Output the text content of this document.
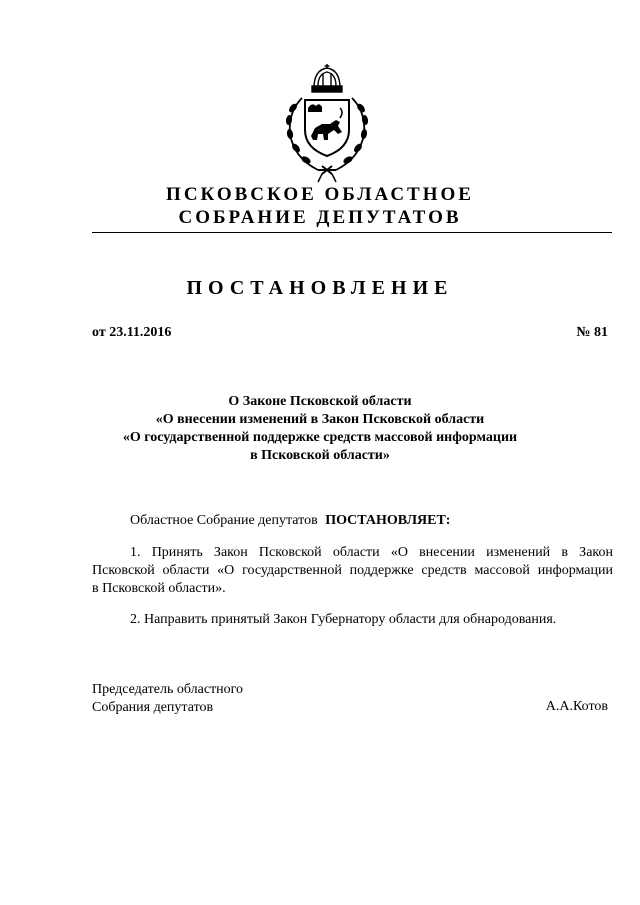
ПСКОВСКОЕ ОБЛАСТНОЕ
СОБРАНИЕ ДЕПУТАТОВ
ПОСТАНОВЛЕНИЕ
от 23.11.2016	№ 81
О Законе Псковской области
«О внесении изменений в Закон Псковской области
«О государственной поддержке средств массовой информации
в Псковской области»
Областное Собрание депутатов ПОСТАНОВЛЯЕТ:
1. Принять Закон Псковской области «О внесении изменений в Закон
Псковской области «О государственной поддержке средств массовой информации
в Псковской области».
2. Направить принятый Закон Губернатору области для обнародования.
Председатель областного
Собрания депутатов	А.А.Котов
